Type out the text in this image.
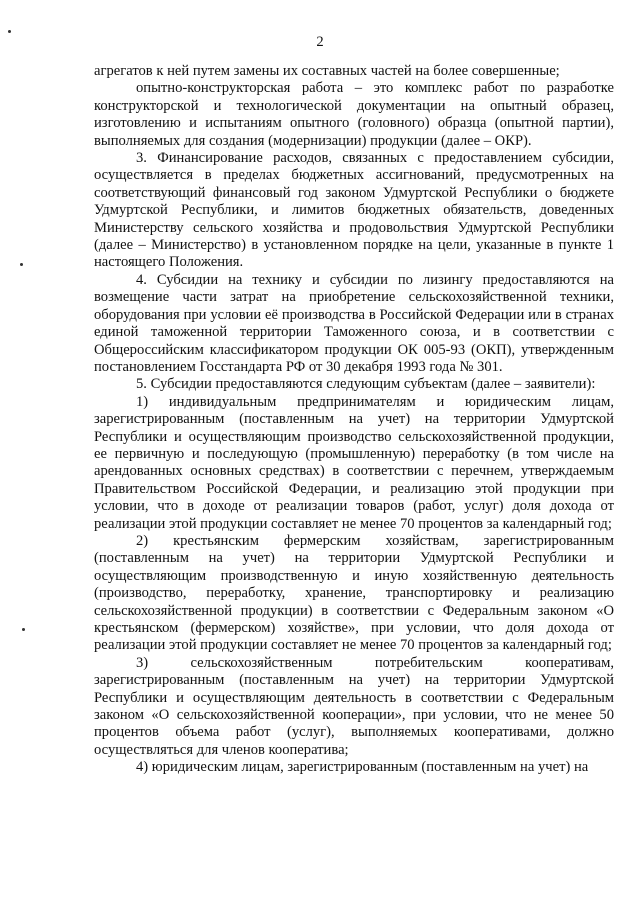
2

агрегатов к ней путем замены их составных частей на более совершенные;

опытно-конструкторская работа – это комплекс работ по разработке конструкторской и технологической документации на опытный образец, изготовлению и испытаниям опытного (головного) образца (опытной партии), выполняемых для создания (модернизации) продукции (далее – ОКР).

3. Финансирование расходов, связанных с предоставлением субсидии, осуществляется в пределах бюджетных ассигнований, предусмотренных на соответствующий финансовый год законом Удмуртской Республики о бюджете Удмуртской Республики, и лимитов бюджетных обязательств, доведенных Министерству сельского хозяйства и продовольствия Удмуртской Республики (далее – Министерство) в установленном порядке на цели, указанные в пункте 1 настоящего Положения.

4. Субсидии на технику и субсидии по лизингу предоставляются на возмещение части затрат на приобретение сельскохозяйственной техники, оборудования при условии её производства в Российской Федерации или в странах единой таможенной территории Таможенного союза, и в соответствии с Общероссийским классификатором продукции ОК 005-93 (ОКП), утвержденным постановлением Госстандарта РФ от 30 декабря 1993 года № 301.

5. Субсидии предоставляются следующим субъектам (далее – заявители):

1) индивидуальным предпринимателям и юридическим лицам, зарегистрированным (поставленным на учет) на территории Удмуртской Республики и осуществляющим производство сельскохозяйственной продукции, ее первичную и последующую (промышленную) переработку (в том числе на арендованных основных средствах) в соответствии с перечнем, утверждаемым Правительством Российской Федерации, и реализацию этой продукции при условии, что в доходе от реализации товаров (работ, услуг) доля дохода от реализации этой продукции составляет не менее 70 процентов за календарный год;

2) крестьянским фермерским хозяйствам, зарегистрированным (поставленным на учет) на территории Удмуртской Республики и осуществляющим производственную и иную хозяйственную деятельность (производство, переработку, хранение, транспортировку и реализацию сельскохозяйственной продукции) в соответствии с Федеральным законом «О крестьянском (фермерском) хозяйстве», при условии, что доля дохода от реализации этой продукции составляет не менее 70 процентов за календарный год;

3) сельскохозяйственным потребительским кооперативам, зарегистрированным (поставленным на учет) на территории Удмуртской Республики и осуществляющим деятельность в соответствии с Федеральным законом «О сельскохозяйственной кооперации», при условии, что не менее 50 процентов объема работ (услуг), выполняемых кооперативами, должно осуществляться для членов кооператива;

4) юридическим лицам, зарегистрированным (поставленным на учет) на
